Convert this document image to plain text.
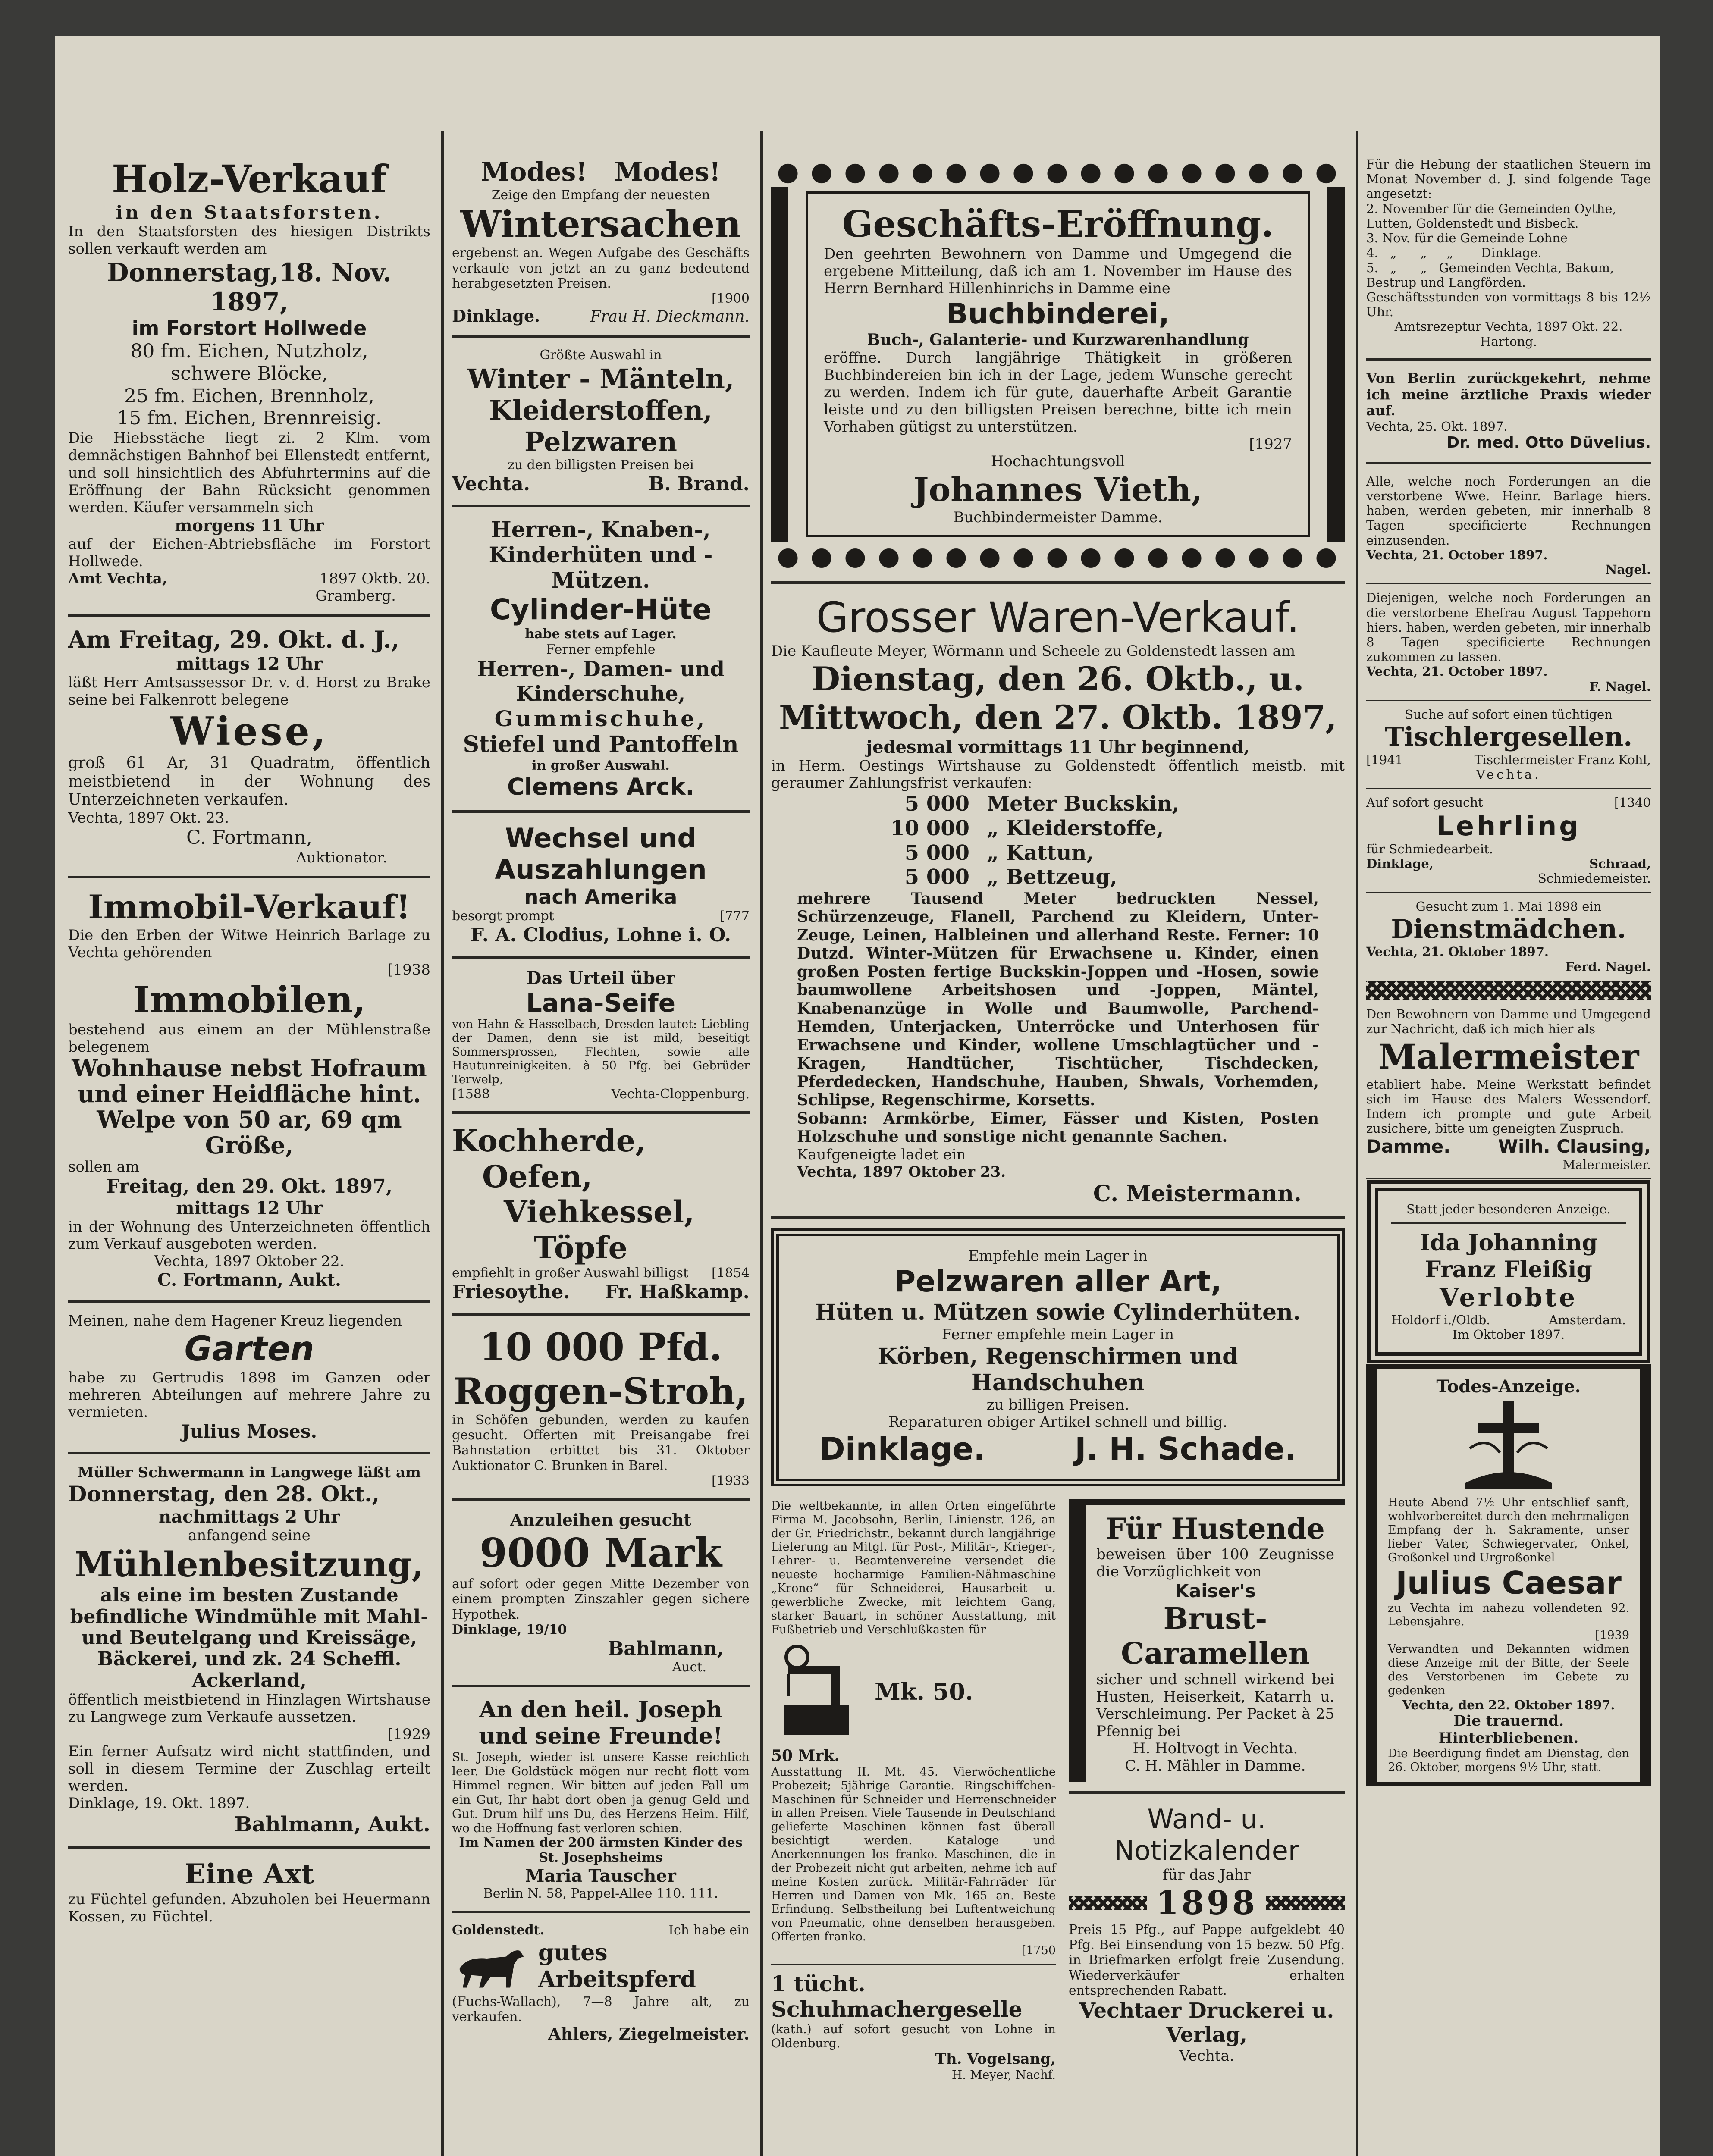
Holz-Verkauf

in den Staatsforsten.

In den Staatsforsten des hiesigen Distrikts sollen verkauft werden am

Donnerstag,18. Nov. 1897,

im Forstort Hollwede

80 fm. Eichen, Nutzholz,

schwere Blöcke,

25 fm. Eichen, Brennholz,

15 fm. Eichen, Brennreisig.

Die Hiebsstäche liegt zi. 2 Klm. vom demnächstigen Bahnhof bei Ellenstedt entfernt, und soll hinsichtlich des Abfuhrtermins auf die Eröffnung der Bahn Rücksicht genommen werden. Käufer versammeln sich

morgens 11 Uhr

auf der Eichen-Abtriebsfläche im Forstort Hollwede.

Amt Vechta,	1897 Oktb. 20.

Gramberg.

Am Freitag, 29. Okt. d. J.,

mittags 12 Uhr

läßt Herr Amtsassessor Dr. v. d. Horst zu Brake seine bei Falkenrott belegene

Wiese,

groß 61 Ar, 31 Quadratm, öffentlich meistbietend in der Wohnung des Unterzeichneten verkaufen.

Vechta, 1897 Okt. 23.

C. Fortmann,

Auktionator.

Immobil-Verkauf!

Die den Erben der Witwe Heinrich Barlage zu Vechta gehörenden

[1938

Immobilen,

bestehend aus einem an der Mühlenstraße belegenem

Wohnhause nebst Hofraum und einer Heidfläche hint. Welpe von 50 ar, 69 qm Größe,

sollen am

Freitag, den 29. Okt. 1897,

mittags 12 Uhr

in der Wohnung des Unterzeichneten öffentlich zum Verkauf ausgeboten werden.

Vechta, 1897 Oktober 22.

C. Fortmann, Aukt.

Meinen, nahe dem Hagener Kreuz liegenden

Garten

habe zu Gertrudis 1898 im Ganzen oder mehreren Abteilungen auf mehrere Jahre zu vermieten.

Julius Moses.

Müller Schwermann in Langwege läßt am

Donnerstag, den 28. Okt.,

nachmittags 2 Uhr

anfangend seine

Mühlenbesitzung,

als eine im besten Zustande befindliche Windmühle mit Mahl- und Beutelgang und Kreissäge, Bäckerei, und zk. 24 Scheffl. Ackerland,

öffentlich meistbietend in Hinzlagen Wirtshause zu Langwege zum Verkaufe aussetzen.

[1929

Ein ferner Aufsatz wird nicht stattfinden, und soll in diesem Termine der Zuschlag erteilt werden.

Dinklage, 19. Okt. 1897.

Bahlmann, Aukt.

Eine Axt

zu Füchtel gefunden. Abzuholen bei Heuermann Kossen, zu Füchtel.

Modes!   Modes!

Zeige den Empfang der neuesten

Wintersachen

ergebenst an. Wegen Aufgabe des Geschäfts verkaufe von jetzt an zu ganz bedeutend herabgesetzten Preisen.

[1900

Dinklage.	Frau H. Dieckmann.

Größte Auswahl in

Winter - Mänteln,

Kleiderstoffen,

Pelzwaren

zu den billigsten Preisen bei

Vechta.	B. Brand.

Herren-, Knaben-, Kinderhüten und -Mützen.

Cylinder-Hüte

habe stets auf Lager.

Ferner empfehle

Herren-, Damen- und Kinderschuhe,

Gummischuhe,

Stiefel und Pantoffeln

in großer Auswahl.

Clemens Arck.

Wechsel und

Auszahlungen

nach Amerika

besorgt prompt	[777

F. A. Clodius, Lohne i. O.

Das Urteil über

Lana-Seife

von Hahn & Hasselbach, Dresden lautet: Liebling der Damen, denn sie ist mild, beseitigt Sommersprossen, Flechten, sowie alle Hautunreinigkeiten. à 50 Pfg. bei Gebrüder Terwelp,

[1588	Vechta-Cloppenburg.

Kochherde,

Oefen,

Viehkessel,

Töpfe

empfiehlt in großer Auswahl billigst [1854
Friesoythe. Fr. Haßkamp.

10 000 Pfd.

Roggen-Stroh,

in Schöfen gebunden, werden zu kaufen gesucht. Offerten mit Preisangabe frei Bahnstation erbittet bis 31. Oktober Auktionator C. Brunken in Barel.

[1933

Anzuleihen gesucht

9000 Mark

auf sofort oder gegen Mitte Dezember von einem prompten Zinszahler gegen sichere Hypothek.

Dinklage, 19/10

Bahlmann,

Auct.

An den heil. Joseph

und seine Freunde!

St. Joseph, wieder ist unsere Kasse reichlich leer. Die Goldstück mögen nur recht flott vom Himmel regnen. Wir bitten auf jeden Fall um ein Gut, Ihr habt dort oben ja genug Geld und Gut. Drum hilf uns Du, des Herzens Heim. Hilf, wo die Hoffnung fast verloren schien.

Im Namen der 200 ärmsten Kinder des St. Josephsheims

Maria Tauscher

Berlin N. 58, Pappel-Allee 110. 111.

Goldenstedt.	Ich habe ein

gutes Arbeitspferd

(Fuchs-Wallach), 7—8 Jahre alt, zu verkaufen.

Ahlers, Ziegelmeister.

Geschäfts-Eröffnung.

Den geehrten Bewohnern von Damme und Umgegend die ergebene Mitteilung, daß ich am 1. November im Hause des Herrn Bernhard Hillenhinrichs in Damme eine

Buchbinderei,

Buch-, Galanterie- und Kurzwarenhandlung

eröffne. Durch langjährige Thätigkeit in größeren Buchbindereien bin ich in der Lage, jedem Wunsche gerecht zu werden. Indem ich für gute, dauerhafte Arbeit Garantie leiste und zu den billigsten Preisen berechne, bitte ich mein Vorhaben gütigst zu unterstützen.

[1927

Hochachtungsvoll

Johannes Vieth,

Buchbindermeister Damme.

Grosser Waren-Verkauf.

Die Kaufleute Meyer, Wörmann und Scheele zu Goldenstedt lassen am

Dienstag, den 26. Oktb., u.

Mittwoch, den 27. Oktb. 1897,

jedesmal vormittags 11 Uhr beginnend,

in Herm. Oestings Wirtshause zu Goldenstedt öffentlich meistb. mit geraumer Zahlungsfrist verkaufen:

5 000 Meter Buckskin,
10 000 „ Kleiderstoffe,
5 000 „ Kattun,
5 000 „ Bettzeug,

mehrere Tausend Meter bedruckten Nessel, Schürzenzeuge, Flanell, Parchend zu Kleidern, Unter-Zeuge, Leinen, Halbleinen und allerhand Reste. Ferner: 10 Dutzd. Winter-Mützen für Erwachsene u. Kinder, einen großen Posten fertige Buckskin-Joppen und -Hosen, sowie baumwollene Arbeitshosen und -Joppen, Mäntel, Knabenanzüge in Wolle und Baumwolle, Parchend-Hemden, Unterjacken, Unterröcke und Unterhosen für Erwachsene und Kinder, wollene Umschlagtücher und -Kragen, Handtücher, Tischtücher, Tischdecken, Pferdedecken, Handschuhe, Hauben, Shwals, Vorhemden, Schlipse, Regenschirme, Korsetts.

Sobann: Armkörbe, Eimer, Fässer und Kisten, Posten Holzschuhe und sonstige nicht genannte Sachen.

Kaufgeneigte ladet ein

Vechta, 1897 Oktober 23.

C. Meistermann.

Empfehle mein Lager in

Pelzwaren aller Art,

Hüten u. Mützen sowie Cylinderhüten.

Ferner empfehle mein Lager in

Körben, Regenschirmen und Handschuhen

zu billigen Preisen.

Reparaturen obiger Artikel schnell und billig.

Dinklage.	J. H. Schade.

Die weltbekannte, in allen Orten eingeführte Firma M. Jacobsohn, Berlin, Linienstr. 126, an der Gr. Friedrichstr., bekannt durch langjährige Lieferung an Mitgl. für Post-, Militär-, Krieger-, Lehrer- u. Beamtenvereine versendet die neueste hocharmige Familien-Nähmaschine „Krone“ für Schneiderei, Hausarbeit u. gewerbliche Zwecke, mit leichtem Gang, starker Bauart, in schöner Ausstattung, mit Fußbetrieb und Verschlußkasten für

Mk. 50.

50 Mrk.

Ausstattung II. Mt. 45. Vierwöchentliche Probezeit; 5jährige Garantie. Ringschiffchen-Maschinen für Schneider und Herrenschneider in allen Preisen. Viele Tausende in Deutschland gelieferte Maschinen können fast überall besichtigt werden. Kataloge und Anerkennungen los franko. Maschinen, die in der Probezeit nicht gut arbeiten, nehme ich auf meine Kosten zurück. Militär-Fahrräder für Herren und Damen von Mk. 165 an. Beste Erfindung. Selbstheilung bei Luftentweichung von Pneumatic, ohne denselben herausgeben. Offerten franko.

[1750

1 tücht. Schuhmachergeselle

(kath.) auf sofort gesucht von Lohne in Oldenburg.

Th. Vogelsang,

H. Meyer, Nachf.

Für Hustende

beweisen über 100 Zeugnisse die Vorzüglichkeit von

Kaiser's

Brust-Caramellen

sicher und schnell wirkend bei Husten, Heiserkeit, Katarrh u. Verschleimung. Per Packet à 25 Pfennig bei

H. Holtvogt in Vechta.

C. H. Mähler in Damme.

Wand- u. Notizkalender

für das Jahr

1898

Preis 15 Pfg., auf Pappe aufgeklebt 40 Pfg. Bei Einsendung von 15 bezw. 50 Pfg. in Briefmarken erfolgt freie Zusendung. Wiederverkäufer erhalten entsprechenden Rabatt.

Vechtaer Druckerei u. Verlag,

Vechta.

Für die Hebung der staatlichen Steuern im Monat November d. J. sind folgende Tage angesetzt:

2. November für die Gemeinden Oythe, Lutten, Goldenstedt und Bisbeck.

3. Nov. für die Gemeinde Lohne

4.   „      „     „       Dinklage.

5.   „      „   Gemeinden Vechta, Bakum, Bestrup und Langförden.

Geschäftsstunden von vormittags 8 bis 12½ Uhr.

Amtsrezeptur Vechta, 1897 Okt. 22.

Hartong.

Von Berlin zurückgekehrt, nehme ich meine ärztliche Praxis wieder auf.

Vechta, 25. Okt. 1897.

Dr. med. Otto Düvelius.

Alle, welche noch Forderungen an die verstorbene Wwe. Heinr. Barlage hiers. haben, werden gebeten, mir innerhalb 8 Tagen specificierte Rechnungen einzusenden.

Vechta, 21. October 1897.

Nagel.

Diejenigen, welche noch Forderungen an die verstorbene Ehefrau August Tappehorn hiers. haben, werden gebeten, mir innerhalb 8 Tagen specificierte Rechnungen zukommen zu lassen.

Vechta, 21. October 1897.

F. Nagel.

Suche auf sofort einen tüchtigen

Tischlergesellen.

[1941	Tischlermeister Franz Kohl,

Vechta.

Auf sofort gesucht	[1340

Lehrling

für Schmiedearbeit.

Dinklage,	Schraad,

Schmiedemeister.

Gesucht zum 1. Mai 1898 ein

Dienstmädchen.

Vechta, 21. Oktober 1897.

Ferd. Nagel.

Den Bewohnern von Damme und Umgegend zur Nachricht, daß ich mich hier als

Malermeister

etabliert habe. Meine Werkstatt befindet sich im Hause des Malers Wessendorf. Indem ich prompte und gute Arbeit zusichere, bitte um geneigten Zuspruch.

Damme.	Wilh. Clausing,

Malermeister.

Statt jeder besonderen Anzeige.

Ida Johanning

Franz Fleißig

Verlobte

Holdorf i./Oldb.	Amsterdam.

Im Oktober 1897.

Todes-Anzeige.

Heute Abend 7½ Uhr entschlief sanft, wohlvorbereitet durch den mehrmaligen Empfang der h. Sakramente, unser lieber Vater, Schwiegervater, Onkel, Großonkel und Urgroßonkel

Julius Caesar

zu Vechta im nahezu vollendeten 92. Lebensjahre.

[1939

Verwandten und Bekannten widmen diese Anzeige mit der Bitte, der Seele des Verstorbenen im Gebete zu gedenken

Vechta, den 22. Oktober 1897.

Die trauernd. Hinterbliebenen.

Die Beerdigung findet am Dienstag, den 26. Oktober, morgens 9½ Uhr, statt.
